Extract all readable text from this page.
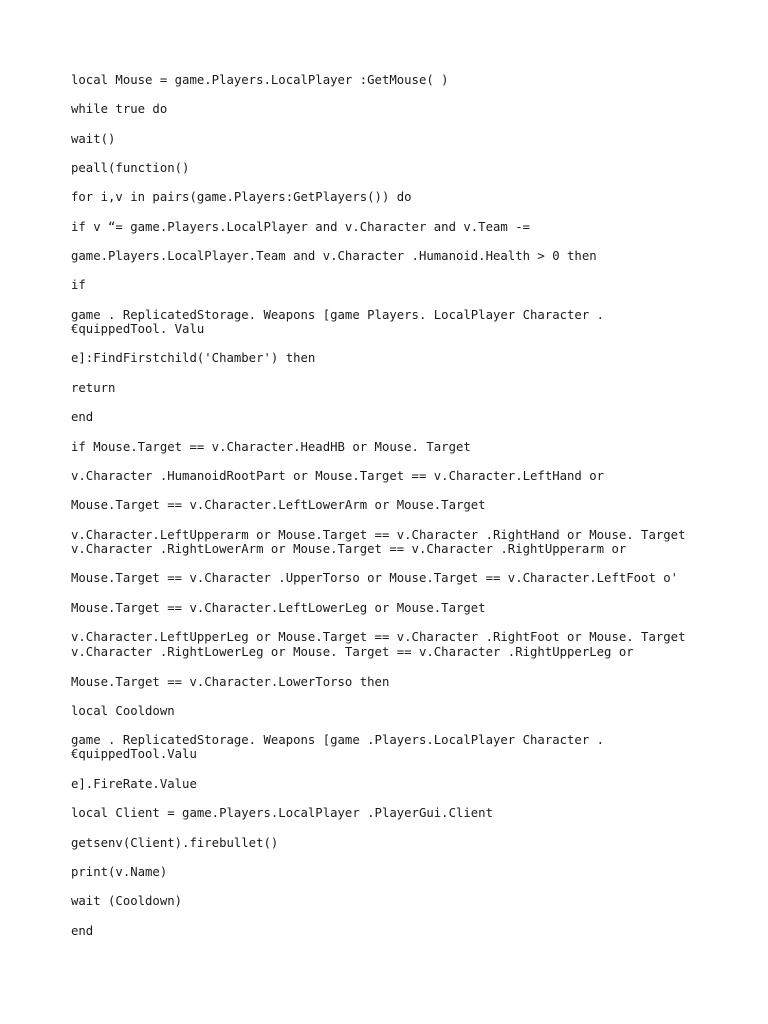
local Mouse = game.Players.LocalPlayer :GetMouse( )

while true do

wait()

peall(function()

for i,v in pairs(game.Players:GetPlayers()) do

if v “= game.Players.LocalPlayer and v.Character and v.Team -=

game.Players.LocalPlayer.Team and v.Character .Humanoid.Health > 0 then

if

game . ReplicatedStorage. Weapons [game Players. LocalPlayer Character .

€quippedTool. Valu

e]:FindFirstchild('Chamber') then

return

end

if Mouse.Target == v.Character.HeadHB or Mouse. Target

v.Character .HumanoidRootPart or Mouse.Target == v.Character.LeftHand or

Mouse.Target == v.Character.LeftLowerArm or Mouse.Target

v.Character.LeftUpperarm or Mouse.Target == v.Character .RightHand or Mouse. Target

v.Character .RightLowerArm or Mouse.Target == v.Character .RightUpperarm or

Mouse.Target == v.Character .UpperTorso or Mouse.Target == v.Character.LeftFoot o'

Mouse.Target == v.Character.LeftLowerLeg or Mouse.Target

v.Character.LeftUpperLeg or Mouse.Target == v.Character .RightFoot or Mouse. Target

v.Character .RightLowerLeg or Mouse. Target == v.Character .RightUpperLeg or

Mouse.Target == v.Character.LowerTorso then

local Cooldown

game . ReplicatedStorage. Weapons [game .Players.LocalPlayer Character .

€quippedTool.Valu

e].FireRate.Value

local Client = game.Players.LocalPlayer .PlayerGui.Client

getsenv(Client).firebullet()

print(v.Name)

wait (Cooldown)

end
